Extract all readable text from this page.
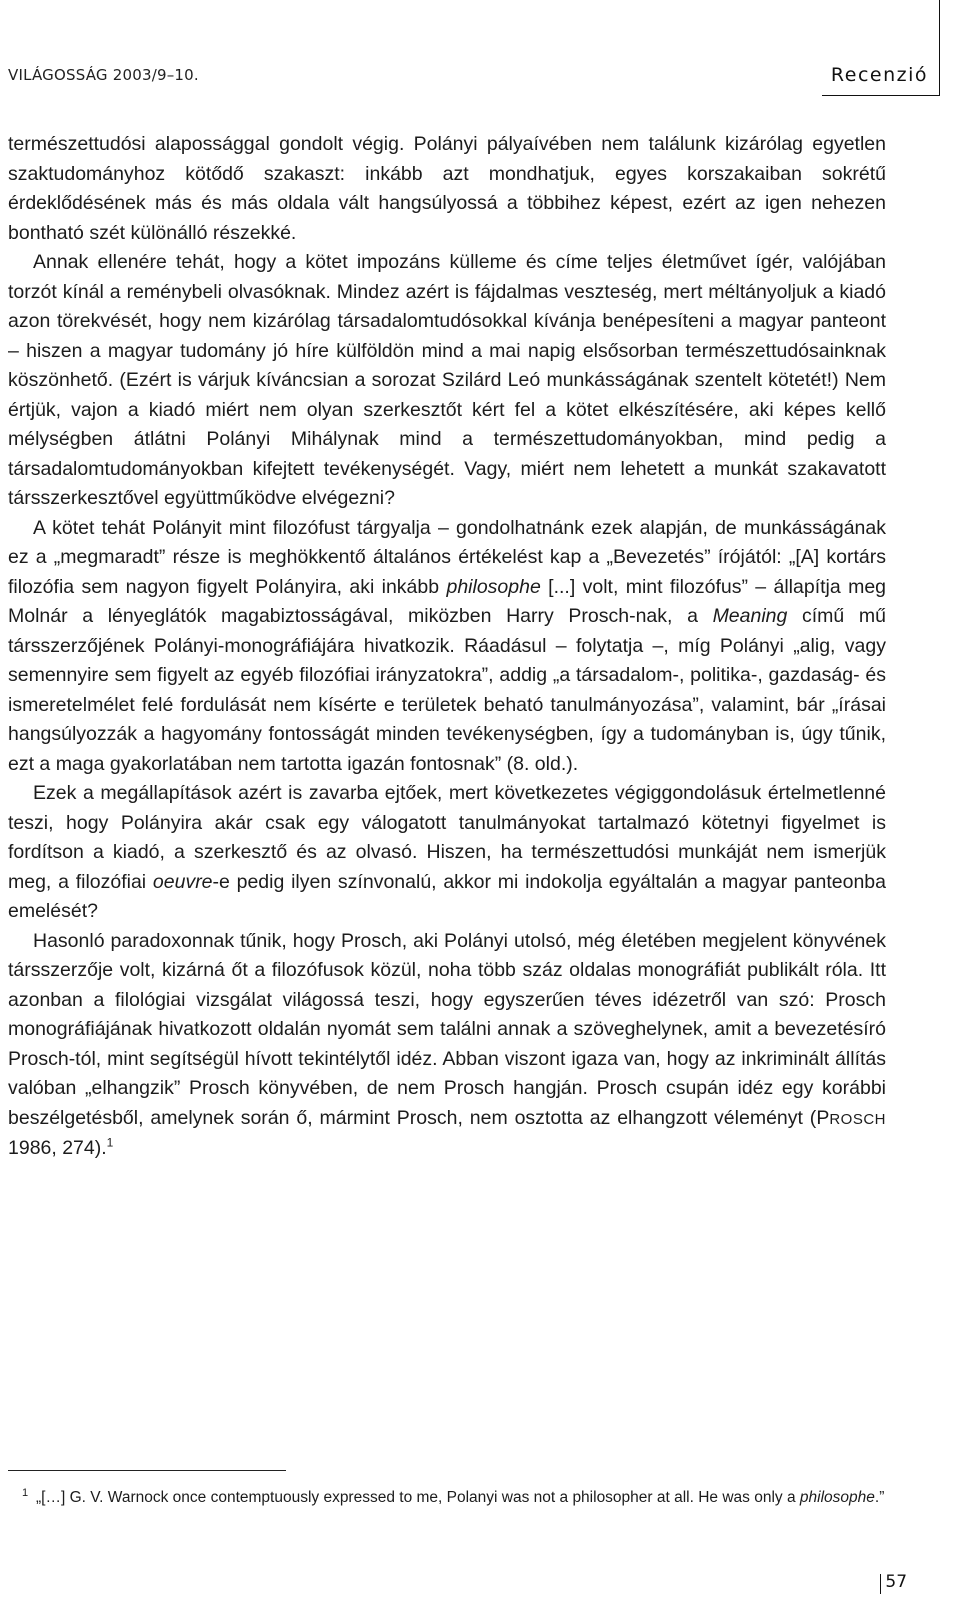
VILÁGOSSÁG 2003/9–10.	Recenzió

természettudósi alapossággal gondolt végig. Polányi pályaívében nem találunk kizárólag egyetlen szaktudományhoz kötődő szakaszt: inkább azt mondhatjuk, egyes korszakaiban sokrétű érdeklődésének más és más oldala vált hangsúlyossá a többihez képest, ezért az igen nehezen bontható szét különálló részekké.

Annak ellenére tehát, hogy a kötet impozáns külleme és címe teljes életművet ígér, valójában torzót kínál a reménybeli olvasóknak. Mindez azért is fájdalmas veszteség, mert méltányoljuk a kiadó azon törekvését, hogy nem kizárólag társadalomtudósokkal kívánja benépesíteni a magyar panteont – hiszen a magyar tudomány jó híre külföldön mind a mai napig elsősorban természettudósainknak köszönhető. (Ezért is várjuk kíváncsian a sorozat Szilárd Leó munkásságának szentelt kötetét!) Nem értjük, vajon a kiadó miért nem olyan szerkesztőt kért fel a kötet elkészítésére, aki képes kellő mélységben átlátni Polányi Mihálynak mind a természettudományokban, mind pedig a társadalomtudományokban kifejtett tevékenységét. Vagy, miért nem lehetett a munkát szakavatott társszerkesztővel együttműködve elvégezni?

A kötet tehát Polányit mint filozófust tárgyalja – gondolhatnánk ezek alapján, de munkásságának ez a „megmaradt” része is meghökkentő általános értékelést kap a „Bevezetés” írójától: „[A] kortárs filozófia sem nagyon figyelt Polányira, aki inkább philosophe [...] volt, mint filozófus” – állapítja meg Molnár a lényeglátók magabiztosságával, miközben Harry Prosch-nak, a Meaning című mű társszerzőjének Polányi-monográfiájára hivatkozik. Ráadásul – folytatja –, míg Polányi „alig, vagy semennyire sem figyelt az egyéb filozófiai irányzatokra”, addig „a társadalom-, politika-, gazdaság- és ismeretelmélet felé fordulását nem kísérte e területek beható tanulmányozása”, valamint, bár „írásai hangsúlyozzák a hagyomány fontosságát minden tevékenységben, így a tudományban is, úgy tűnik, ezt a maga gyakorlatában nem tartotta igazán fontosnak” (8. old.).

Ezek a megállapítások azért is zavarba ejtőek, mert következetes végiggondolásuk értelmetlenné teszi, hogy Polányira akár csak egy válogatott tanulmányokat tartalmazó kötetnyi figyelmet is fordítson a kiadó, a szerkesztő és az olvasó. Hiszen, ha természettudósi munkáját nem ismerjük meg, a filozófiai oeuvre-e pedig ilyen színvonalú, akkor mi indokolja egyáltalán a magyar panteonba emelését?

Hasonló paradoxonnak tűnik, hogy Prosch, aki Polányi utolsó, még életében megjelent könyvének társszerzője volt, kizárná őt a filozófusok közül, noha több száz oldalas monográfiát publikált róla. Itt azonban a filológiai vizsgálat világossá teszi, hogy egyszerűen téves idézetről van szó: Prosch monográfiájának hivatkozott oldalán nyomát sem találni annak a szöveghelynek, amit a bevezetésíró Prosch-tól, mint segítségül hívott tekintélytől idéz. Abban viszont igaza van, hogy az inkriminált állítás valóban „elhangzik” Prosch könyvében, de nem Prosch hangján. Prosch csupán idéz egy korábbi beszélgetésből, amelynek során ő, mármint Prosch, nem osztotta az elhangzott véleményt (PROSCH 1986, 274).$^1$

1 „[…] G. V. Warnock once contemptuously expressed to me, Polanyi was not a philosopher at all. He was only a philosophe.”
57
